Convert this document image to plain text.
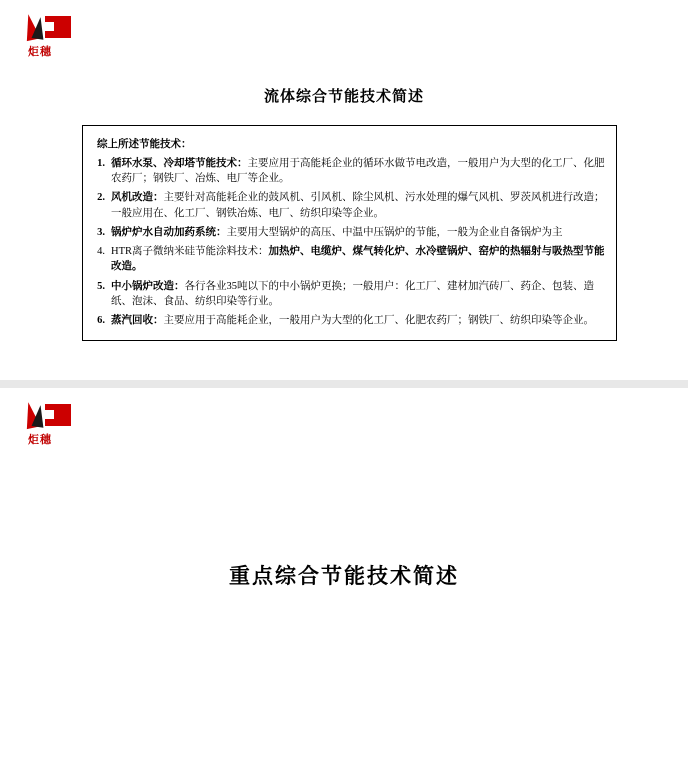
炬穗
流体综合节能技术简述
综上所述节能技术：
1. 循环水泵、冷却塔节能技术：主要应用于高能耗企业的循环水做节电改造，一般用户为大型的化工厂、化肥农药厂；钢铁厂、冶炼、电厂等企业。
2. 风机改造：主要针对高能耗企业的鼓风机、引风机、除尘风机、污水处理的爆气风机、罗茨风机进行改造；一般应用在、化工厂、钢铁冶炼、电厂、纺织印染等企业。
3. 锅炉炉水自动加药系统：主要用大型锅炉的高压、中温中压锅炉的节能，一般为企业自备锅炉为主
4. HTR离子微纳米硅节能涂料技术：加热炉、电缆炉、煤气转化炉、水冷壁锅炉、窑炉的热辐射与吸热型节能改造。
5. 中小锅炉改造：各行各业35吨以下的中小锅炉更换；一般用户：化工厂、建材加汽砖厂、药企、包装、造纸、泡沫、食品、纺织印染等行业。
6. 蒸汽回收：主要应用于高能耗企业，一般用户为大型的化工厂、化肥农药厂；钢铁厂、纺织印染等企业。
炬穗
重点综合节能技术简述
